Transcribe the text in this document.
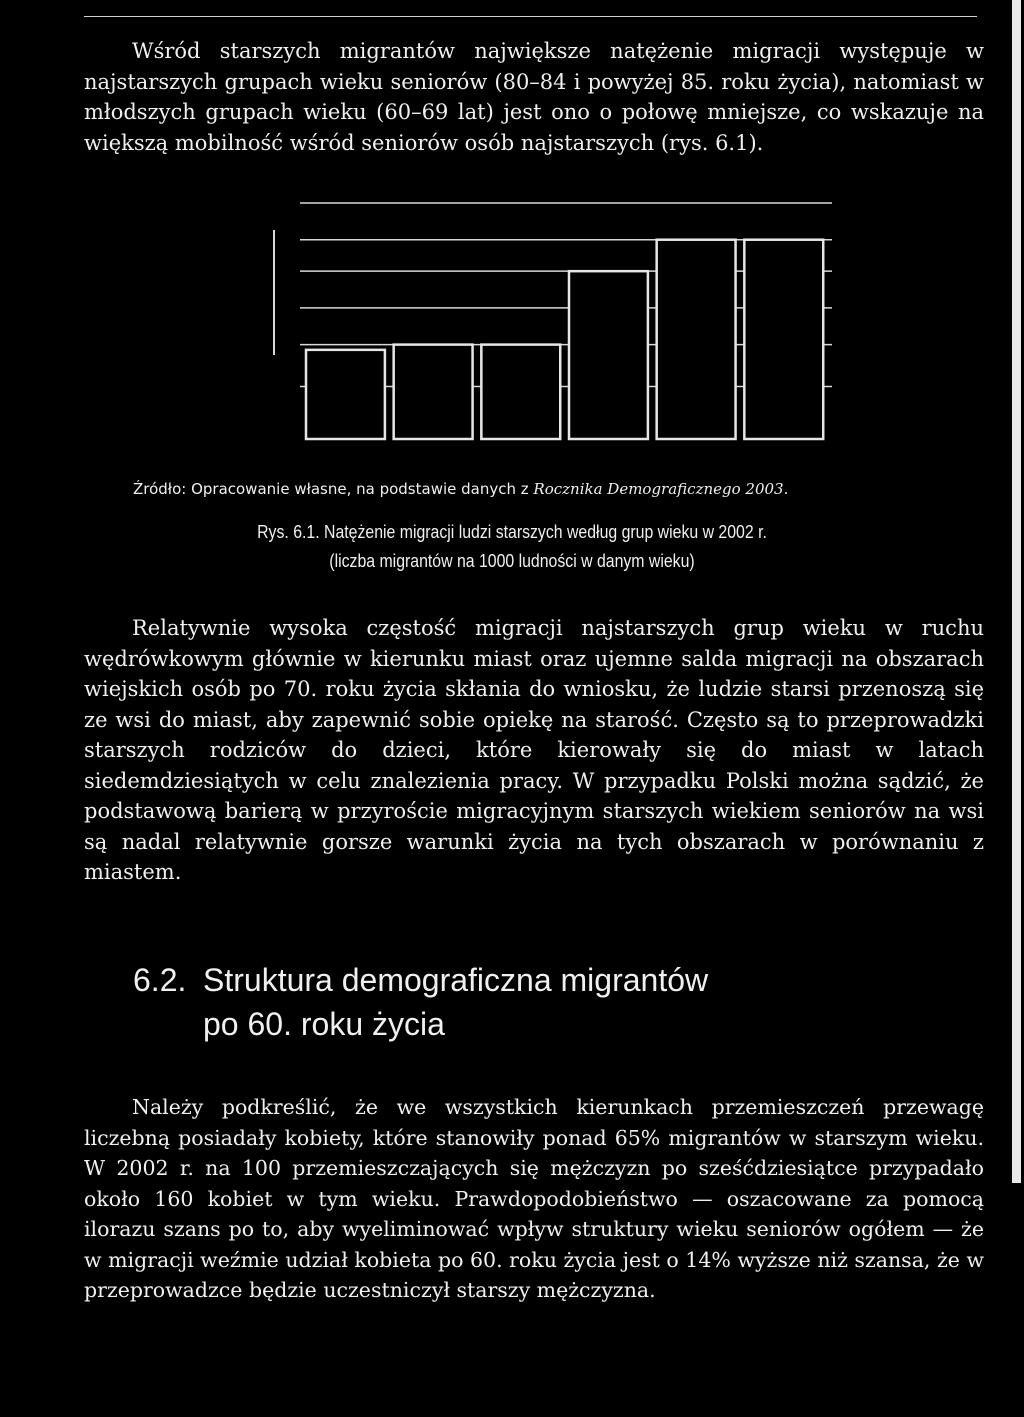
Wśród starszych migrantów największe natężenie migracji występuje w najstarszych grupach wieku seniorów (80–84 i powyżej 85. roku życia), natomiast w młodszych grupach wieku (60–69 lat) jest ono o połowę mniejsze, co wskazuje na większą mobilność wśród seniorów osób najstarszych (rys. 6.1).

Źródło: Opracowanie własne, na podstawie danych z Rocznika Demograficznego 2003.
Rys. 6.1. Natężenie migracji ludzi starszych według grup wieku w 2002 r.
(liczba migrantów na 1000 ludności w danym wieku)

Relatywnie wysoka częstość migracji najstarszych grup wieku w ruchu wędrówkowym głównie w kierunku miast oraz ujemne salda migracji na obszarach wiejskich osób po 70. roku życia skłania do wniosku, że ludzie starsi przenoszą się ze wsi do miast, aby zapewnić sobie opiekę na starość. Często są to przeprowadzki starszych rodziców do dzieci, które kierowały się do miast w latach siedemdziesiątych w celu znalezienia pracy. W przypadku Polski można sądzić, że podstawową barierą w przyroście migracyjnym starszych wiekiem seniorów na wsi są nadal relatywnie gorsze warunki życia na tych obszarach w porównaniu z miastem.

6.2. Struktura demograficzna migrantów
po 60. roku życia

Należy podkreślić, że we wszystkich kierunkach przemieszczeń przewagę liczebną posiadały kobiety, które stanowiły ponad 65% migrantów w starszym wieku. W 2002 r. na 100 przemieszczających się mężczyzn po sześćdziesiątce przypadało około 160 kobiet w tym wieku. Prawdopodobieństwo — oszacowane za pomocą ilorazu szans po to, aby wyeliminować wpływ struktury wieku seniorów ogółem — że w migracji weźmie udział kobieta po 60. roku życia jest o 14% wyższe niż szansa, że w przeprowadzce będzie uczestniczył starszy mężczyzna.
